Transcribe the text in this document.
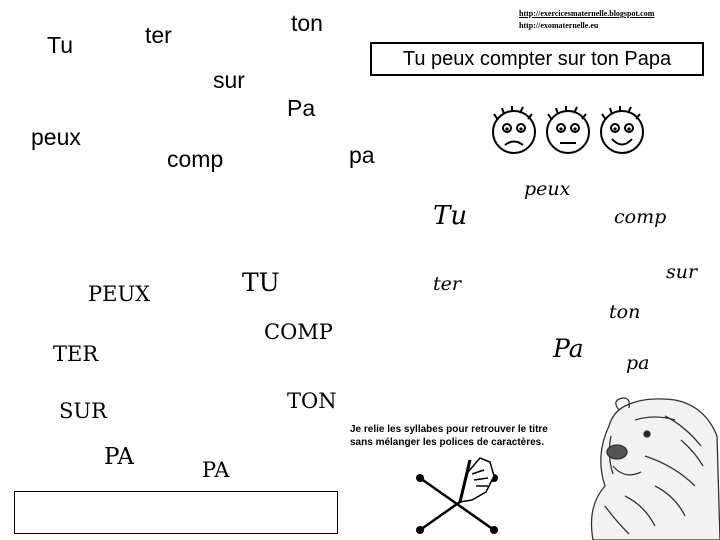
http://exercicesmaternelle.blogspot.com
http://exomaternelle.eu
Tu peux compter sur ton Papa
Tu	ter	ton
sur
Pa
peux
comp	pa
PEUX	TU
COMP
TER
SUR	TON
PA	PA
Tu
peux
comp
sur
ter
ton
Pa pa
Je relie les syllabes pour retrouver le titre
sans mélanger les polices de caractères.
